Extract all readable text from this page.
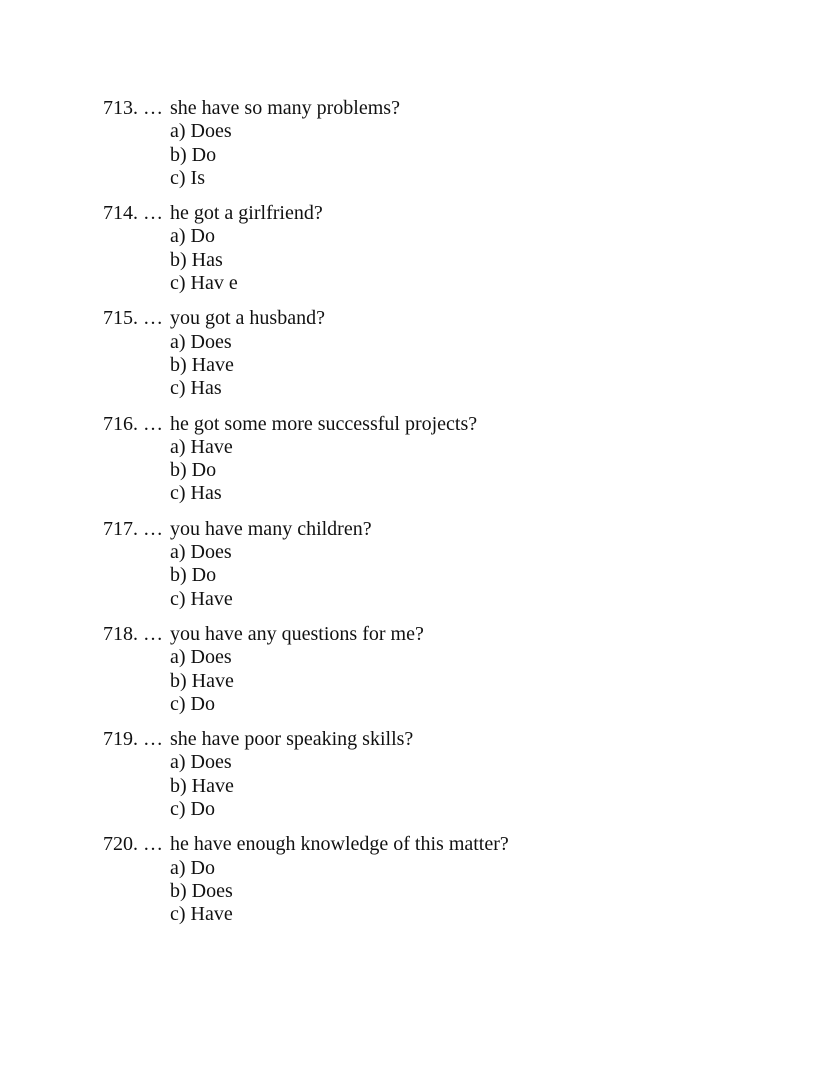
713. … she have so many problems?
a) Does
b) Do
c) Is
714. … he got a girlfriend?
a) Do
b) Has
c) Hav e
715. … you got a husband?
a) Does
b) Have
c) Has
716. … he got some more successful projects?
a) Have
b) Do
c) Has
717. … you have many children?
a) Does
b) Do
c) Have
718. … you have any questions for me?
a) Does
b) Have
c) Do
719. … she have poor speaking skills?
a) Does
b) Have
c) Do
720. … he have enough knowledge of this matter?
a) Do
b) Does
c) Have
